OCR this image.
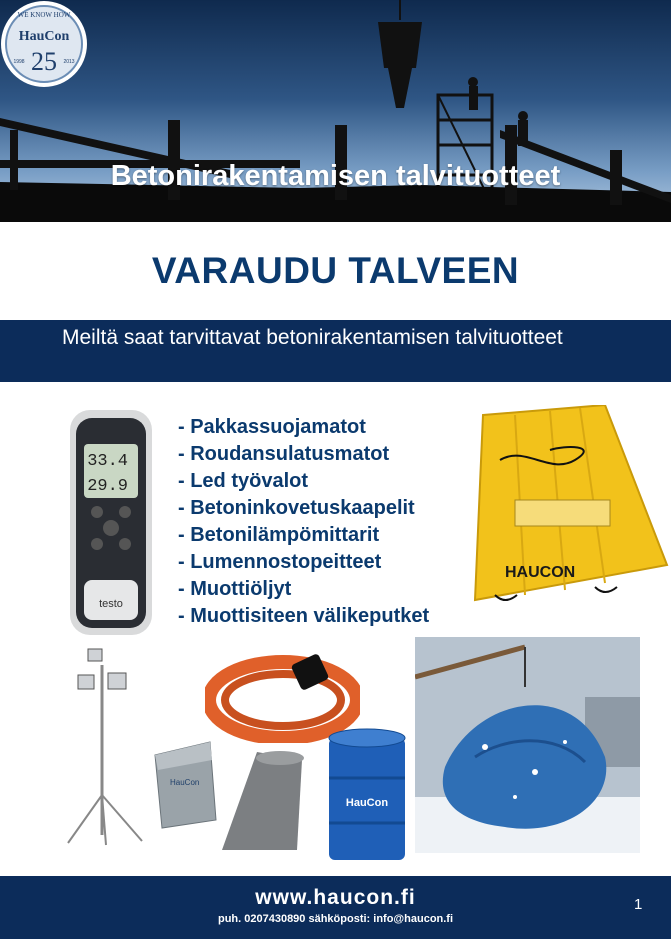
WE KNOW HOW
HauCon
25
1998	2013
Betonirakentamisen talvituotteet
VARAUDU TALVEEN
Meiltä saat tarvittavat betonirakentamisen talvituotteet
33.4
29.9
testo
- Pakkassuojamatot
- Roudansulatusmatot
- Led työvalot
- Betoninkovetuskaapelit
- Betonilämpömittarit
- Lumennostopeitteet
- Muottiöljyt
- Muottisiteen välikeputket
HAUCON
HauCon
HauCon
www.haucon.fi
puh. 0207430890 sähköposti: info@haucon.fi
1
